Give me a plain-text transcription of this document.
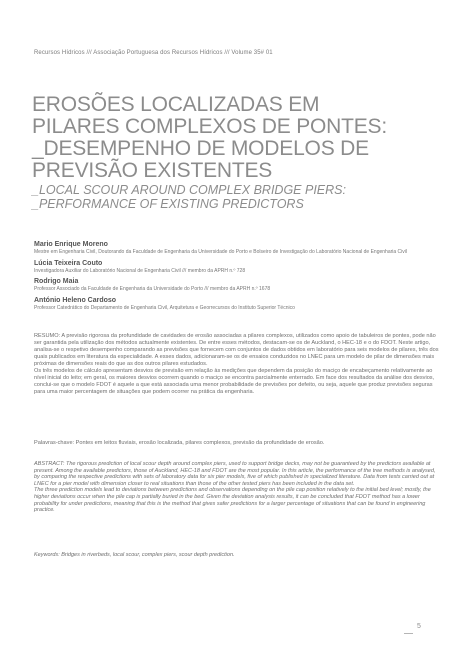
Recursos Hídricos /// Associação Portuguesa dos Recursos Hídricos /// Volume 35# 01
EROSÕES LOCALIZADAS EM
PILARES COMPLEXOS DE PONTES:
_DESEMPENHO DE MODELOS DE
PREVISÃO EXISTENTES
_LOCAL SCOUR AROUND COMPLEX BRIDGE PIERS:
_PERFORMANCE OF EXISTING PREDICTORS
Mario Enrique Moreno
Mestre em Engenharia Civil, Doutorando da Faculdade de Engenharia da Universidade do Porto e Bolseiro de Investigação do Laboratório Nacional de Engenharia Civil
Lúcia Teixeira Couto
Investigadora Auxiliar do Laboratório Nacional de Engenharia Civil /// membro da APRH n.º 728
Rodrigo Maia
Professor Associado da Faculdade de Engenharia da Universidade do Porto /// membro da APRH n.º 1678
António Heleno Cardoso
Professor Catedrático do Departamento de Engenharia Civil, Arquitetura e Georrecursos do Instituto Superior Técnico

RESUMO: A previsão rigorosa da profundidade de cavidades de erosão associadas a pilares complexos, utilizados como apoio de tabuleiros de pontes, pode não ser garantida pela utilização dos métodos actualmente existentes. De entre esses métodos, destacam-se os de Auckland, o HEC-18 e o do FDOT. Neste artigo, analisa-se o respetivo desempenho comparando as previsões que fornecem com conjuntos de dados obtidos em laboratório para seis modelos de pilares, três dos quais publicados em literatura da especialidade. A esses dados, adicionaram-se os de ensaios conduzidos no LNEC para um modelo de pilar de dimensões mais próximas de dimensões reais do que as dos outros pilares estudados.

Os três modelos de cálculo apresentam desvios de previsão em relação às medições que dependem da posição do maciço de encabeçamento relativamente ao nível inicial do leito; em geral, os maiores desvios ocorrem quando o maciço se encontra parcialmente enterrado. Em face dos resultados da análise dos desvios, conclui-se que o modelo FDOT é aquele a que está associada uma menor probabilidade de previsões por defeito, ou seja, aquele que produz previsões seguras para uma maior percentagem de situações que podem ocorrer na prática da engenharia.

Palavras-chave: Pontes em leitos fluviais, erosão localizada, pilares complexos, previsão da profundidade de erosão.

ABSTRACT: The rigorous prediction of local scour depth around complex piers, used to support bridge decks, may not be guaranteed by the predictors available at present. Among the available predictors, those of Auckland, HEC-18 and FDOT are the most popular. In this article, the performance of the tree methods is analysed, by comparing the respective predictions with sets of laboratory data for six pier models, five of which published in specialized literature. Data from tests carried out at LNEC for a pier model with dimension closer to real situations than those of the other tested piers has been included in the data set.

The three prediction models lead to deviations between predictions and observations depending on the pile cap position relatively to the initial bed level; mostly, the higher deviations occur when the pile cap is partially buried in the bed. Given the deviation analysis results, it can be concluded that FDOT method has a lower probability for under predictions, meaning that this is the method that gives safer predictions for a larger percentage of situations that can be found in engineering practice.

Keywords: Bridges in riverbeds, local scour, complex piers, scour depth prediction.
5
